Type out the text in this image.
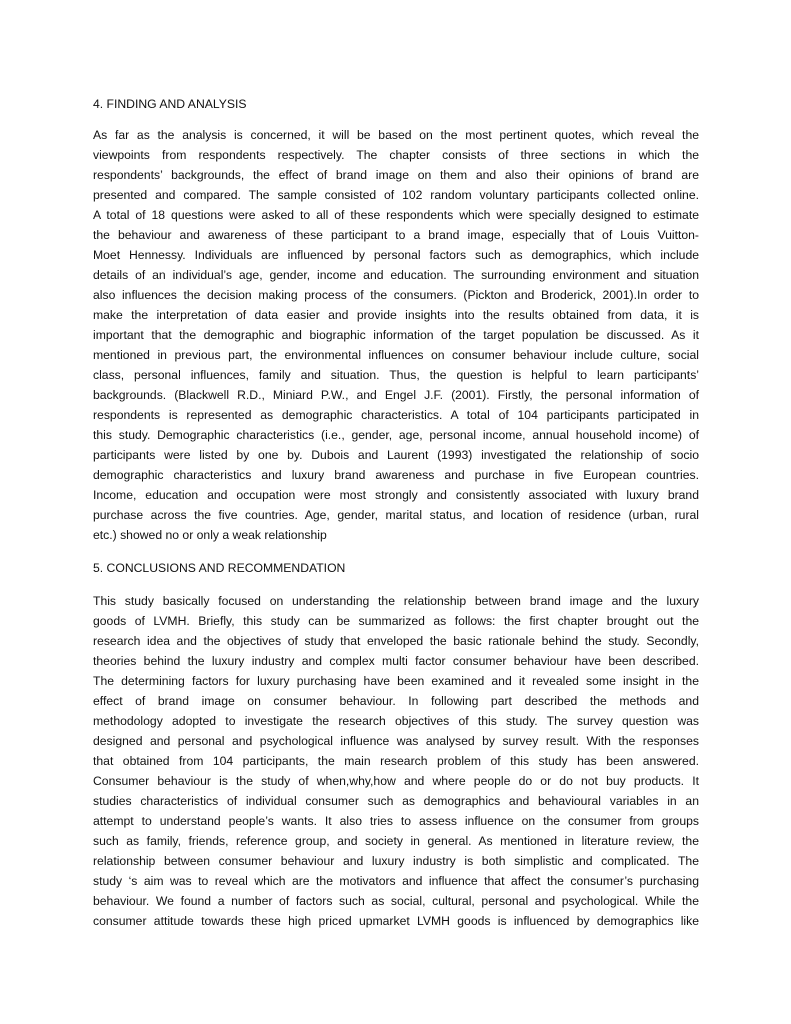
4. FINDING AND ANALYSIS
As far as the analysis is concerned, it will be based on the most pertinent quotes, which reveal the
viewpoints from respondents respectively. The chapter consists of three sections in which the
respondents’ backgrounds, the effect of brand image on them and also their opinions of brand are
presented and compared. The sample consisted of 102 random voluntary participants collected online.
A total of 18 questions were asked to all of these respondents which were specially designed to estimate
the behaviour and awareness of these participant to a brand image, especially that of Louis Vuitton-
Moet Hennessy. Individuals are influenced by personal factors such as demographics, which include
details of an individual’s age, gender, income and education. The surrounding environment and situation
also influences the decision making process of the consumers. (Pickton and Broderick, 2001).In order to
make the interpretation of data easier and provide insights into the results obtained from data, it is
important that the demographic and biographic information of the target population be discussed. As it
mentioned in previous part, the environmental influences on consumer behaviour include culture, social
class, personal influences, family and situation. Thus, the question is helpful to learn participants’
backgrounds. (Blackwell R.D., Miniard P.W., and Engel J.F. (2001). Firstly, the personal information of
respondents is represented as demographic characteristics. A total of 104 participants participated in
this study. Demographic characteristics (i.e., gender, age, personal income, annual household income) of
participants were listed by one by. Dubois and Laurent (1993) investigated the relationship of socio
demographic characteristics and luxury brand awareness and purchase in five European countries.
Income, education and occupation were most strongly and consistently associated with luxury brand
purchase across the five countries. Age, gender, marital status, and location of residence (urban, rural
etc.) showed no or only a weak relationship
5. CONCLUSIONS AND RECOMMENDATION
This study basically focused on understanding the relationship between brand image and the luxury
goods of LVMH. Briefly, this study can be summarized as follows: the first chapter brought out the
research idea and the objectives of study that enveloped the basic rationale behind the study. Secondly,
theories behind the luxury industry and complex multi factor consumer behaviour have been described.
The determining factors for luxury purchasing have been examined and it revealed some insight in the
effect of brand image on consumer behaviour. In following part described the methods and
methodology adopted to investigate the research objectives of this study. The survey question was
designed and personal and psychological influence was analysed by survey result. With the responses
that obtained from 104 participants, the main research problem of this study has been answered.
Consumer behaviour is the study of when,why,how and where people do or do not buy products. It
studies characteristics of individual consumer such as demographics and behavioural variables in an
attempt to understand people’s wants. It also tries to assess influence on the consumer from groups
such as family, friends, reference group, and society in general. As mentioned in literature review, the
relationship between consumer behaviour and luxury industry is both simplistic and complicated. The
study ‘s aim was to reveal which are the motivators and influence that affect the consumer’s purchasing
behaviour. We found a number of factors such as social, cultural, personal and psychological. While the
consumer attitude towards these high priced upmarket LVMH goods is influenced by demographics like
